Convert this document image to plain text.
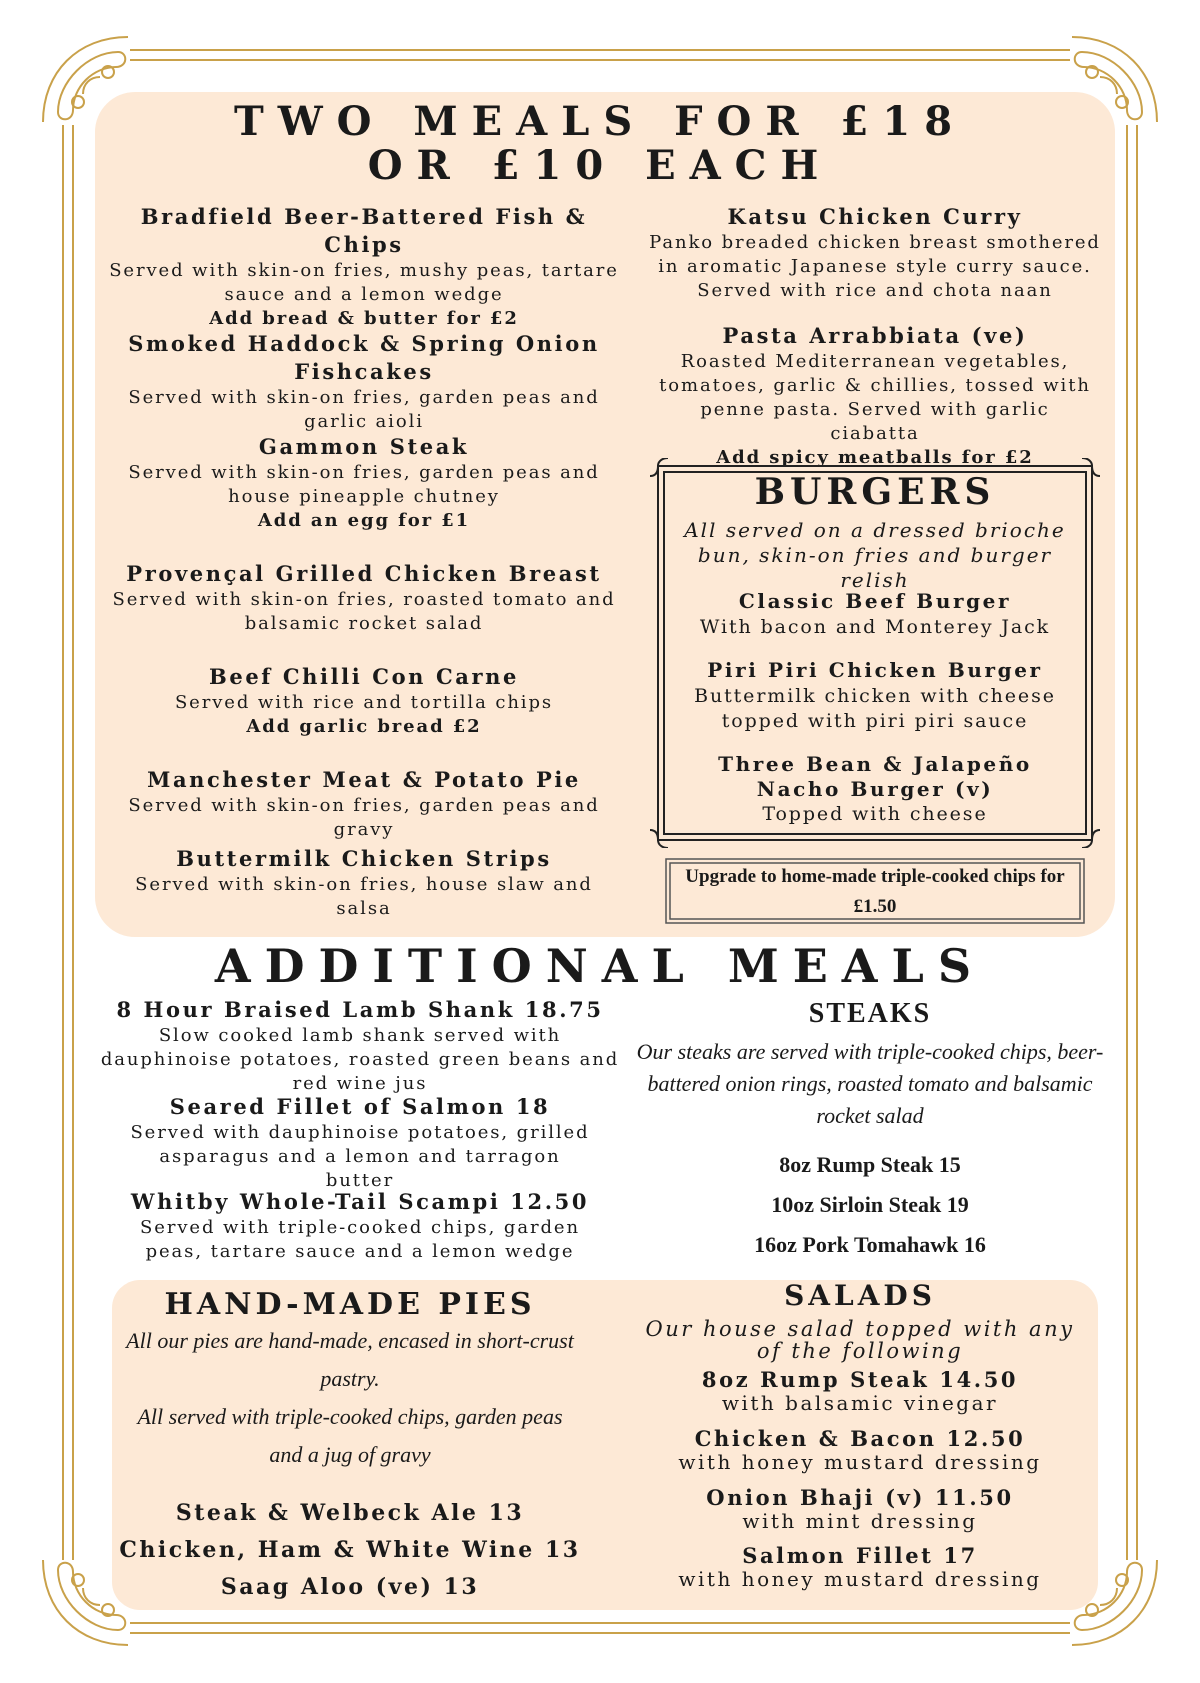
TWO MEALS FOR £18
OR £10 EACH
Bradfield Beer-Battered Fish & Chips
Served with skin-on fries, mushy peas, tartare sauce and a lemon wedge
Add bread & butter for £2
Smoked Haddock & Spring Onion Fishcakes
Served with skin-on fries, garden peas and garlic aioli
Gammon Steak
Served with skin-on fries, garden peas and house pineapple chutney
Add an egg for £1
Provençal Grilled Chicken Breast
Served with skin-on fries, roasted tomato and balsamic rocket salad
Beef Chilli Con Carne
Served with rice and tortilla chips
Add garlic bread £2
Manchester Meat & Potato Pie
Served with skin-on fries, garden peas and gravy
Buttermilk Chicken Strips
Served with skin-on fries, house slaw and salsa
Katsu Chicken Curry
Panko breaded chicken breast smothered in aromatic Japanese style curry sauce. Served with rice and chota naan
Pasta Arrabbiata (ve)
Roasted Mediterranean vegetables, tomatoes, garlic & chillies, tossed with penne pasta. Served with garlic ciabatta
Add spicy meatballs for £2
BURGERS
All served on a dressed brioche bun, skin-on fries and burger relish
Classic Beef Burger
With bacon and Monterey Jack
Piri Piri Chicken Burger
Buttermilk chicken with cheese topped with piri piri sauce
Three Bean & Jalapeño Nacho Burger (v)
Topped with cheese
Upgrade to home-made triple-cooked chips for £1.50
ADDITIONAL MEALS
8 Hour Braised Lamb Shank 18.75
Slow cooked lamb shank served with dauphinoise potatoes, roasted green beans and red wine jus
Seared Fillet of Salmon 18
Served with dauphinoise potatoes, grilled asparagus and a lemon and tarragon butter
Whitby Whole-Tail Scampi 12.50
Served with triple-cooked chips, garden peas, tartare sauce and a lemon wedge
STEAKS
Our steaks are served with triple-cooked chips, beer-battered onion rings, roasted tomato and balsamic rocket salad
8oz Rump Steak 15
10oz Sirloin Steak 19
16oz Pork Tomahawk 16
HAND-MADE PIES
All our pies are hand-made, encased in short-crust pastry.
All served with triple-cooked chips, garden peas and a jug of gravy
Steak & Welbeck Ale 13
Chicken, Ham & White Wine 13
Saag Aloo (ve) 13
SALADS
Our house salad topped with any of the following
8oz Rump Steak 14.50
with balsamic vinegar
Chicken & Bacon 12.50
with honey mustard dressing
Onion Bhaji (v) 11.50
with mint dressing
Salmon Fillet 17
with honey mustard dressing
